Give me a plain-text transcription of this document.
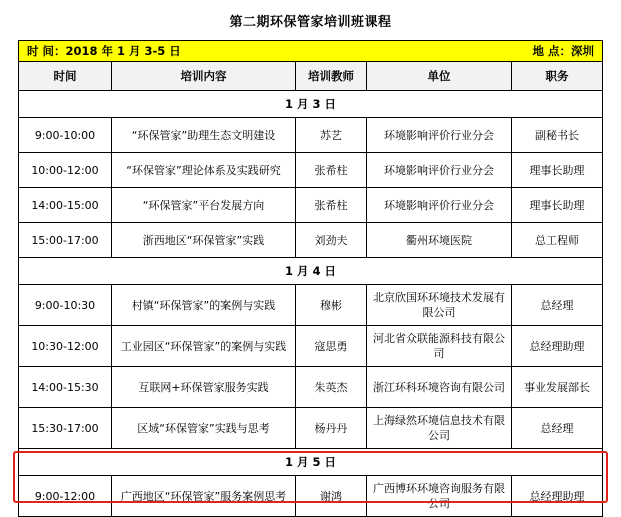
第二期环保管家培训班课程
时 间：2018 年 1 月 3-5 日	地 点：深圳
时间	培训内容	培训教师	单位	职务
1 月 3 日				
9:00-10:00	“环保管家”助理生态文明建设	苏艺	环境影响评价行业分会	副秘书长
10:00-12:00	“环保管家”理论体系及实践研究	张希柱	环境影响评价行业分会	理事长助理
14:00-15:00	“环保管家”平台发展方向	张希柱	环境影响评价行业分会	理事长助理
15:00-17:00	浙西地区“环保管家”实践	刘劲夫	衢州环境医院	总工程师
1 月 4 日				
9:00-10:30	村镇“环保管家”的案例与实践	穆彬	北京欣国环环境技术发展有限公司	总经理
10:30-12:00	工业园区“环保管家”的案例与实践	寇思勇	河北省众联能源科技有限公司	总经理助理
14:00-15:30	互联网+环保管家服务实践	朱英杰	浙江环科环境咨询有限公司	事业发展部长
15:30-17:00	区域“环保管家”实践与思考	杨丹丹	上海绿然环境信息技术有限公司	总经理
1 月 5 日				
9:00-12:00	广西地区“环保管家”服务案例思考	谢鸿	广西博环环境咨询服务有限公司	总经理助理
